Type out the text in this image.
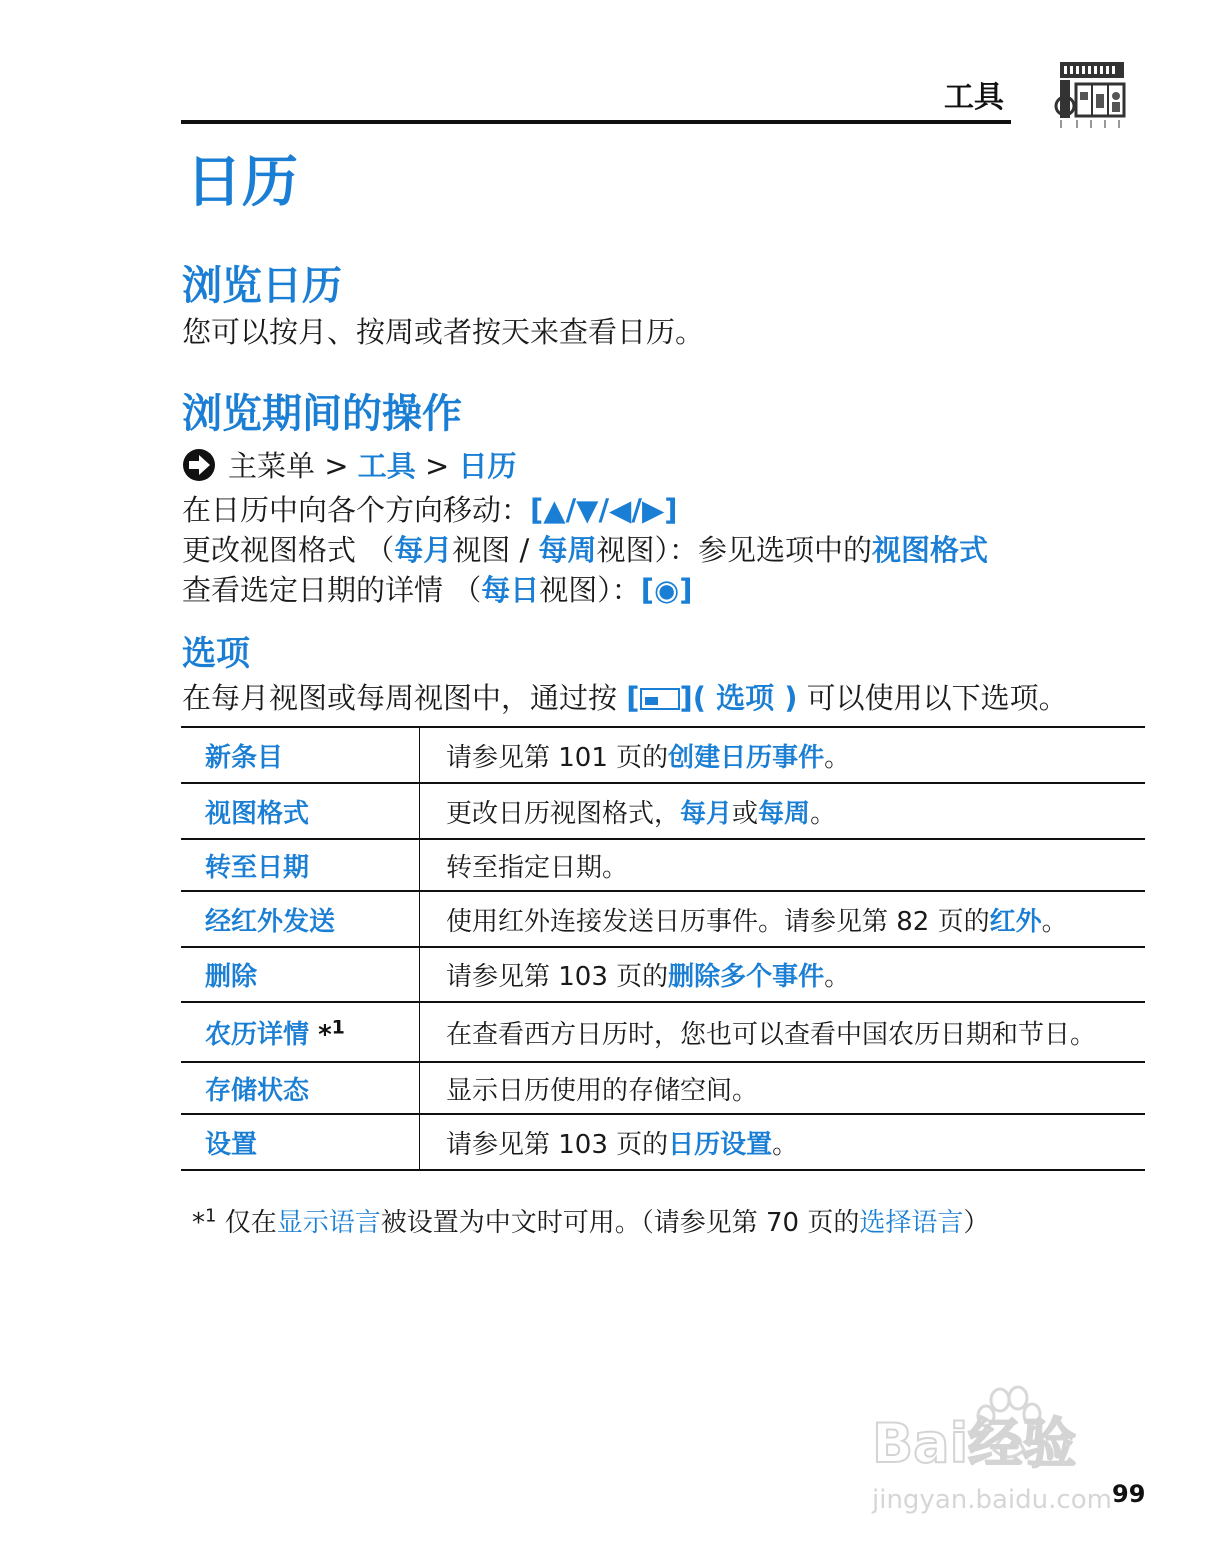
工具
日历
浏览日历
您可以按月、按周或者按天来查看日历。
浏览期间的操作
主菜单 > 工具 > 日历
在日历中向各个方向移动：[▲/▼/◀/▶]
更改视图格式 （每月视图 / 每周视图）：参见选项中的视图格式
查看选定日期的详情 （每日视图）：[◉]
选项
在每月视图或每周视图中，通过按 [ ]( 选项 ) 可以使用以下选项。
新条目	请参见第 101 页的创建日历事件。
视图格式	更改日历视图格式，每月或每周。
转至日期	转至指定日期。
经红外发送	使用红外连接发送日历事件。请参见第 82 页的红外。
删除	请参见第 103 页的删除多个事件。
农历详情 *$^1$	在查看西方日历时，您也可以查看中国农历日期和节日。
存储状态	显示日历使用的存储空间。
设置	请参见第 103 页的日历设置。
*$^1$ 仅在显示语言被设置为中文时可用。（请参见第 70 页的选择语言）
Bai经验
jingyan.baidu.com 99
